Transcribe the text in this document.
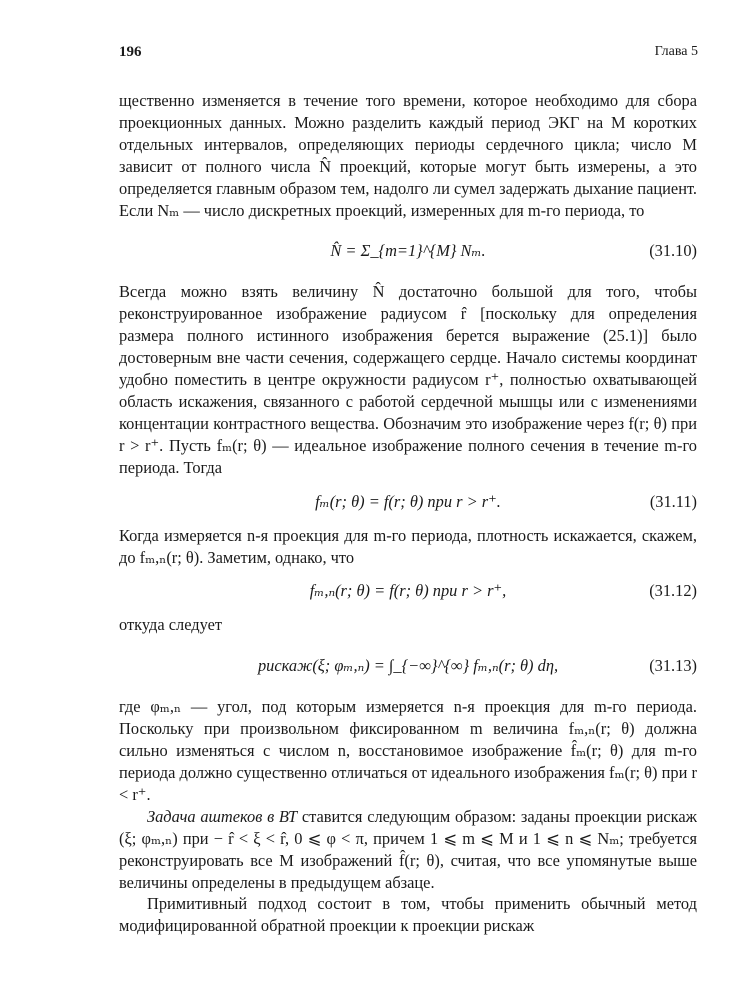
196	Глава 5

щественно изменяется в течение того времени, которое необходимо для сбора проекционных данных. Можно разделить каждый период ЭКГ на M коротких отдельных интервалов, определяющих периоды сердечного цикла; число M зависит от полного числа N̂ проекций, которые могут быть измерены, а это определяется главным образом тем, надолго ли сумел задержать дыхание пациент. Если Nₘ — число дискретных проекций, измеренных для m-го периода, то

N̂ = Σ_{m=1}^{M} Nₘ.	(31.10)

Всегда можно взять величину N̂ достаточно большой для того, чтобы реконструированное изображение радиусом r̂ [поскольку для определения размера полного истинного изображения берется выражение (25.1)] было достоверным вне части сечения, содержащего сердце. Начало системы координат удобно поместить в центре окружности радиусом r⁺, полностью охватывающей область искажения, связанного с работой сердечной мышцы или с изменениями концентации контрастного вещества. Обозначим это изображение через f(r; θ) при r > r⁺. Пусть fₘ(r; θ) — идеальное изображение полного сечения в течение m-го периода. Тогда

fₘ(r; θ) = f(r; θ) при r > r⁺.	(31.11)

Когда измеряется n-я проекция для m-го периода, плотность искажается, скажем, до fₘ,ₙ(r; θ). Заметим, однако, что

fₘ,ₙ(r; θ) = f(r; θ) при r > r⁺,	(31.12)

откуда следует

pискаж(ξ; φₘ,ₙ) = ∫_{−∞}^{∞} fₘ,ₙ(r; θ) dη,	(31.13)

где φₘ,ₙ — угол, под которым измеряется n-я проекция для m-го периода. Поскольку при произвольном фиксированном m величина fₘ,ₙ(r; θ) должна сильно изменяться с числом n, восстановимое изображение f̂ₘ(r; θ) для m-го периода должно существенно отличаться от идеального изображения fₘ(r; θ) при r < r⁺.

Задача аштеков в ВТ ставится следующим образом: заданы проекции pискаж (ξ; φₘ,ₙ) при − r̂ < ξ < r̂, 0 ⩽ φ < π, причем 1 ⩽ m ⩽ M и 1 ⩽ n ⩽ Nₘ; требуется реконструировать все M изображений f̂(r; θ), считая, что все упомянутые выше величины определены в предыдущем абзаце.

Примитивный подход состоит в том, чтобы применить обычный метод модифицированной обратной проекции к проекции pискаж
